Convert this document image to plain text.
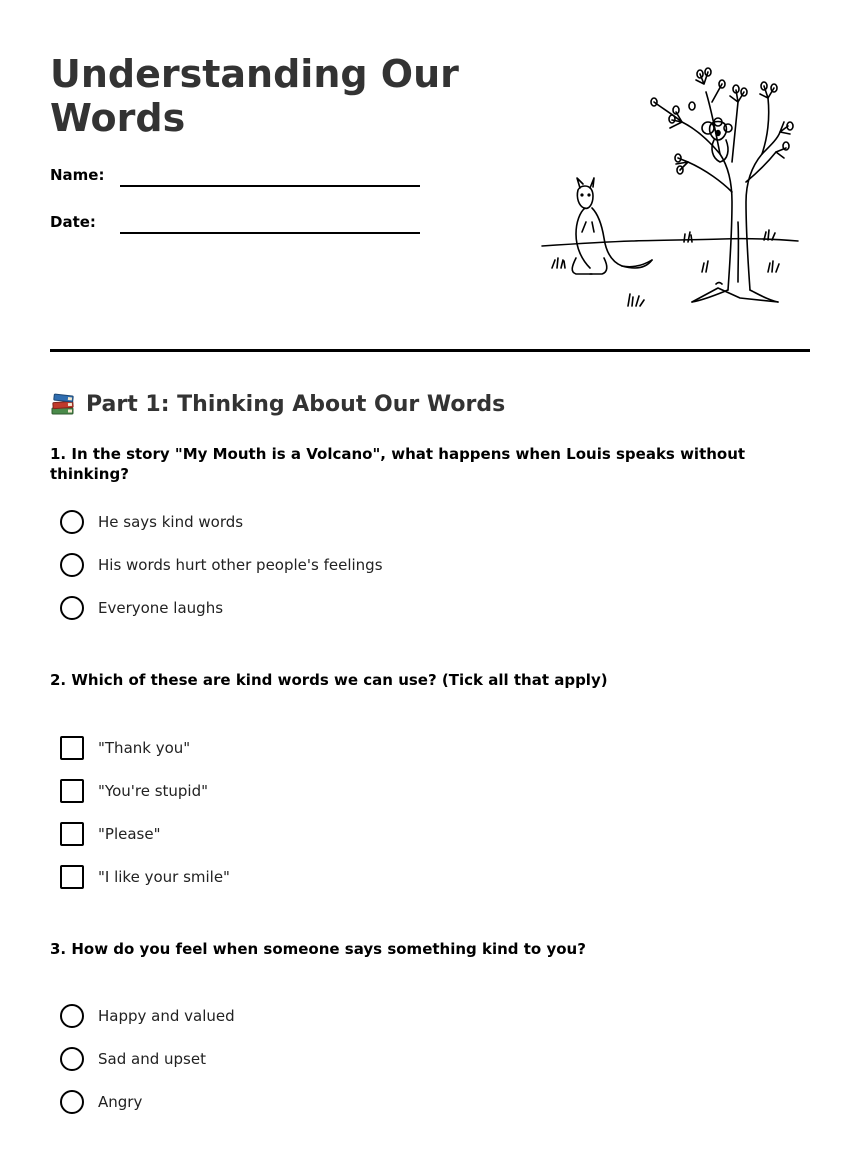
Understanding Our Words
Name:
Date:
Part 1: Thinking About Our Words
1. In the story "My Mouth is a Volcano", what happens when Louis speaks without thinking?
He says kind words
His words hurt other people's feelings
Everyone laughs
2. Which of these are kind words we can use? (Tick all that apply)
"Thank you"
"You're stupid"
"Please"
"I like your smile"
3. How do you feel when someone says something kind to you?
Happy and valued
Sad and upset
Angry
